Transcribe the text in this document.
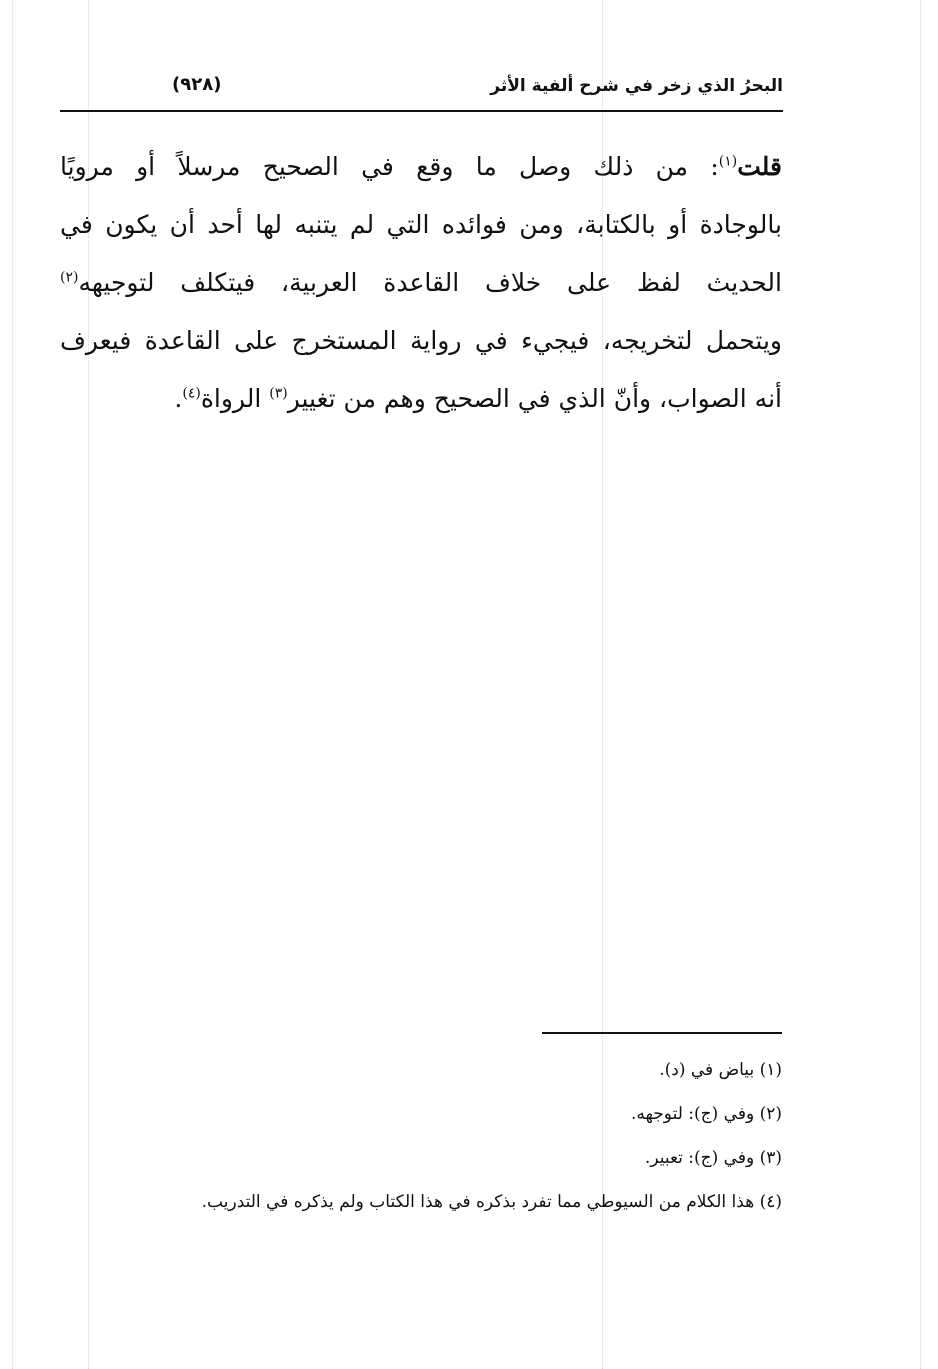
البحرُ الذي زخر في شرح ألفية الأثر
(٩٢٨)
قلت$^{(١)}$: من ذلك وصل ما وقع في الصحيح مرسلاً أو مرويًا
بالوجادة أو بالكتابة، ومن فوائده التي لم يتنبه لها أحد أن يكون في
الحديث لفظ على خلاف القاعدة العربية، فيتكلف لتوجيهه$^{(٢)}$
ويتحمل لتخريجه، فيجيء في رواية المستخرج على القاعدة فيعرف
أنه الصواب، وأنّ الذي في الصحيح وهم من تغيير$^{(٣)}$ الرواة$^{(٤)}$.
(١) بياض في (د).
(٢) وفي (ج): لتوجهه.
(٣) وفي (ج): تعبير.
(٤) هذا الكلام من السيوطي مما تفرد بذكره في هذا الكتاب ولم يذكره في التدريب.
